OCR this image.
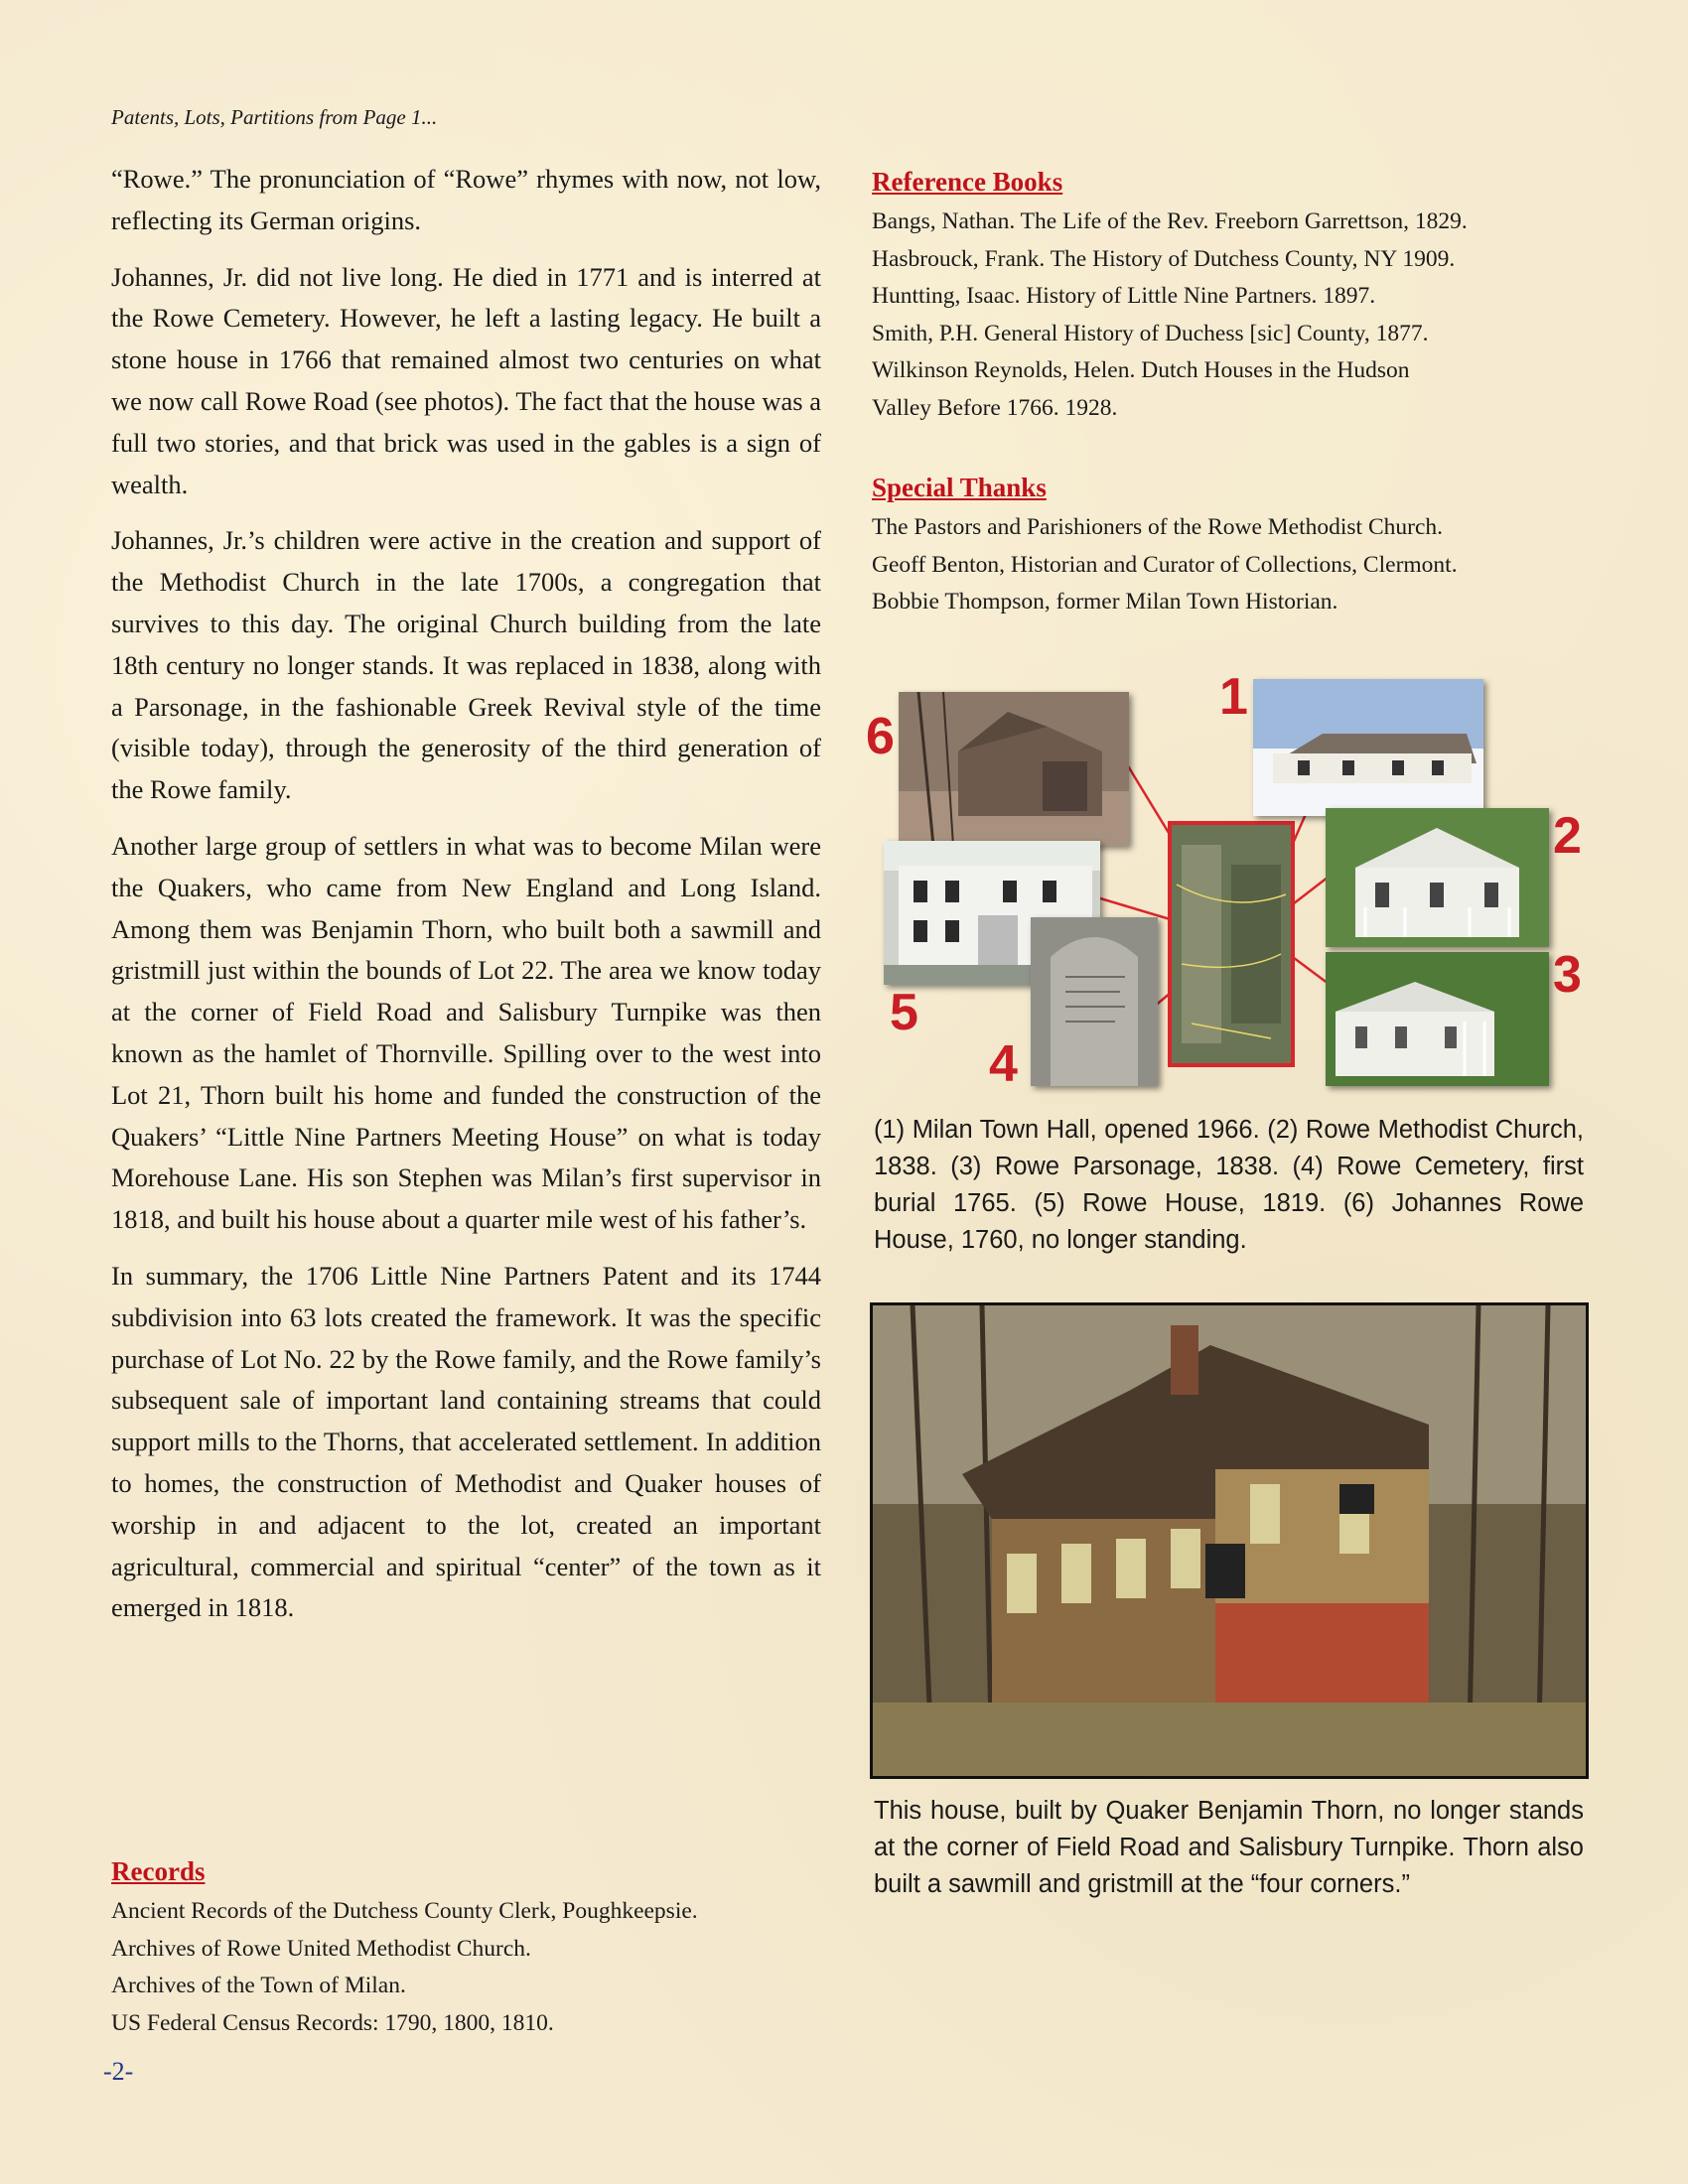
Patents, Lots, Partitions from Page 1...

“Rowe.” The pronunciation of “Rowe” rhymes with now, not low, reflecting its German origins.

Johannes, Jr. did not live long. He died in 1771 and is interred at the Rowe Cemetery. However, he left a lasting legacy. He built a stone house in 1766 that remained almost two centuries on what we now call Rowe Road (see photos). The fact that the house was a full two stories, and that brick was used in the gables is a sign of wealth.

Johannes, Jr.’s children were active in the creation and support of the Methodist Church in the late 1700s, a congregation that survives to this day. The original Church building from the late 18th century no longer stands. It was replaced in 1838, along with a Parsonage, in the fashionable Greek Revival style of the time (visible today), through the generosity of the third generation of the Rowe family.

Another large group of settlers in what was to become Milan were the Quakers, who came from New England and Long Island. Among them was Benjamin Thorn, who built both a sawmill and gristmill just within the bounds of Lot 22. The area we know today at the corner of Field Road and Salisbury Turnpike was then known as the hamlet of Thornville. Spilling over to the west into Lot 21, Thorn built his home and funded the construction of the Quakers’ “Little Nine Partners Meeting House” on what is today Morehouse Lane. His son Stephen was Milan’s first supervisor in 1818, and built his house about a quarter mile west of his father’s.

In summary, the 1706 Little Nine Partners Patent and its 1744 subdivision into 63 lots created the framework. It was the specific purchase of Lot No. 22 by the Rowe family, and the Rowe family’s subsequent sale of important land containing streams that could support mills to the Thorns, that accelerated settlement. In addition to homes, the construction of Methodist and Quaker houses of worship in and adjacent to the lot, created an important agricultural, commercial and spiritual “center” of the town as it emerged in 1818.

Records
Ancient Records of the Dutchess County Clerk, Poughkeepsie.
Archives of Rowe United Methodist Church.
Archives of the Town of Milan.
US Federal Census Records: 1790, 1800, 1810.
-2-
Reference Books
Bangs, Nathan. The Life of the Rev. Freeborn Garrettson, 1829.
Hasbrouck, Frank. The History of Dutchess County, NY 1909.
Huntting, Isaac. History of Little Nine Partners. 1897.
Smith, P.H. General History of Duchess [sic] County, 1877.
Wilkinson Reynolds, Helen. Dutch Houses in the Hudson
Valley Before 1766. 1928.
Special Thanks
The Pastors and Parishioners of the Rowe Methodist Church.
Geoff Benton, Historian and Curator of Collections, Clermont.
Bobbie Thompson, former Milan Town Historian.
1
2
3
4
5
6
(1) Milan Town Hall, opened 1966. (2) Rowe Methodist Church, 1838. (3) Rowe Parsonage, 1838. (4) Rowe Cemetery, first burial 1765. (5) Rowe House, 1819. (6) Johannes Rowe House, 1760, no longer standing.
This house, built by Quaker Benjamin Thorn, no longer stands at the corner of Field Road and Salisbury Turnpike. Thorn also built a sawmill and gristmill at the “four corners.”
